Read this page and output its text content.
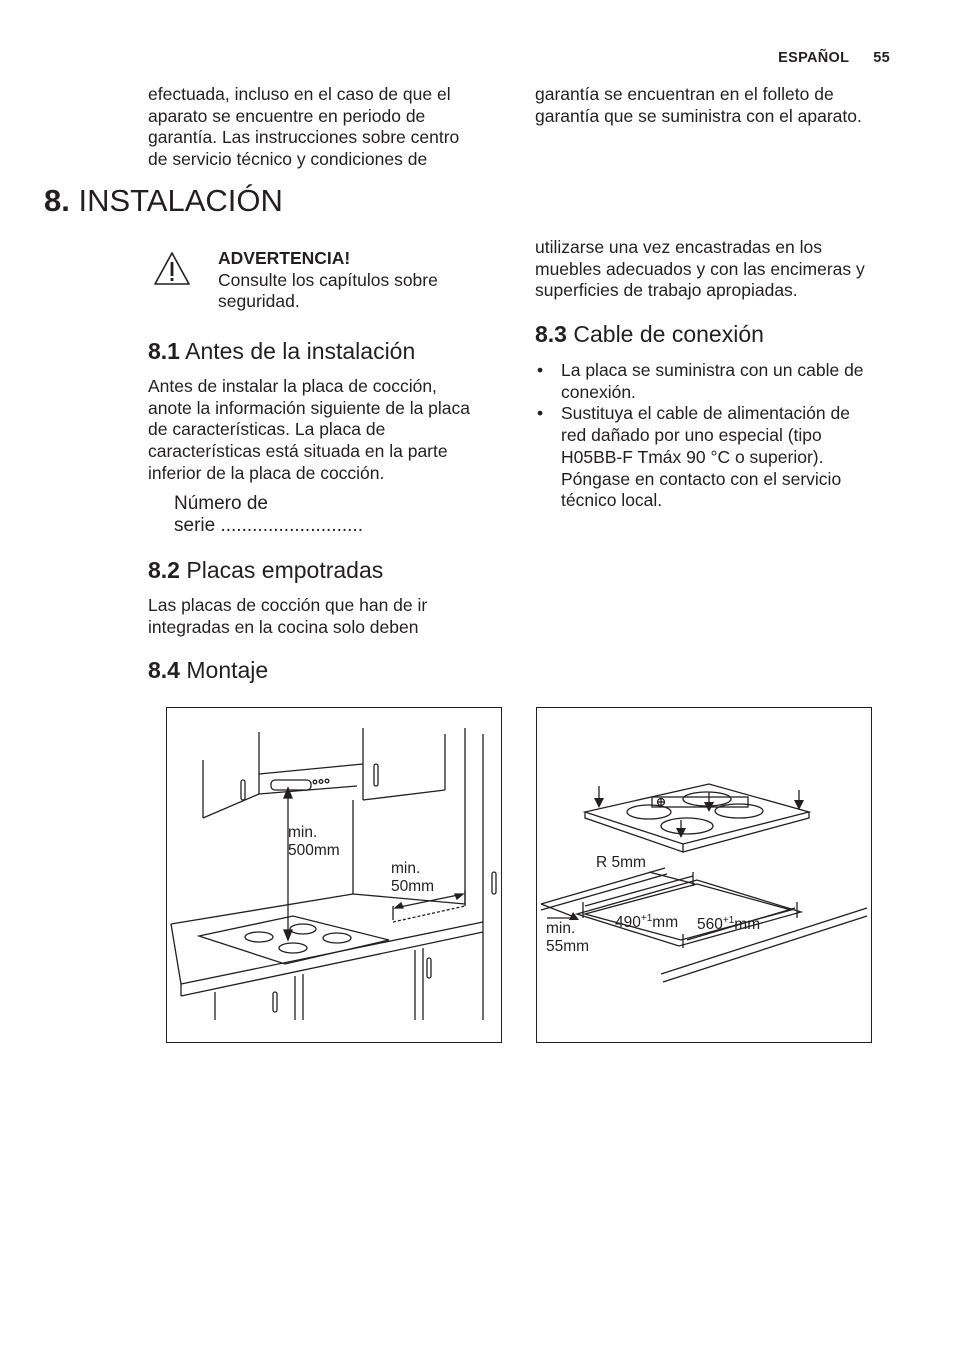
ESPAÑOL 55
efectuada, incluso en el caso de que el
aparato se encuentre en periodo de
garantía. Las instrucciones sobre centro
de servicio técnico y condiciones de
garantía se encuentran en el folleto de
garantía que se suministra con el aparato.
8. INSTALACIÓN
ADVERTENCIA!
Consulte los capítulos sobre
seguridad.
8.1 Antes de la instalación
Antes de instalar la placa de cocción,
anote la información siguiente de la placa
de características. La placa de
características está situada en la parte
inferior de la placa de cocción.
Número de
serie ...........................
8.2 Placas empotradas
Las placas de cocción que han de ir
integradas en la cocina solo deben
utilizarse una vez encastradas en los
muebles adecuados y con las encimeras y
superficies de trabajo apropiadas.
8.3 Cable de conexión
• La placa se suministra con un cable de
conexión.
• Sustituya el cable de alimentación de
red dañado por uno especial (tipo
H05BB-F Tmáx 90 °C o superior).
Póngase en contacto con el servicio
técnico local.
8.4 Montaje
min.
500mm
min.
50mm
R 5mm
$490^{+1}mm$ $560^{+1}mm$
min.
55mm
